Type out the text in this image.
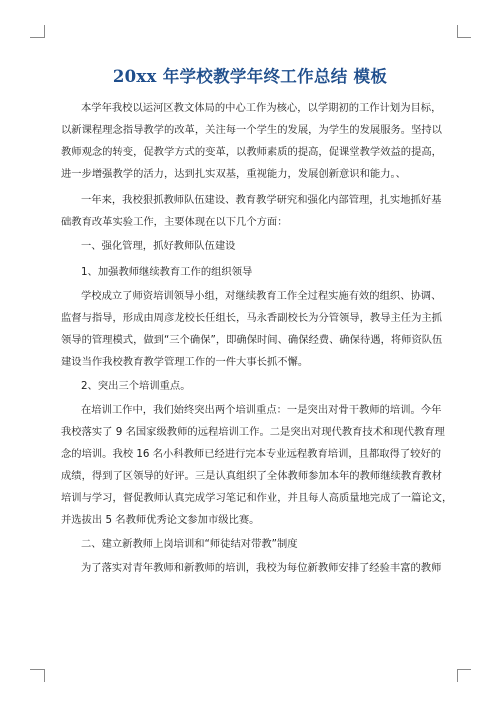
20xx 年学校教学年终工作总结 模板
本学年我校以运河区教文体局的中心工作为核心，以学期初的工作计划为目标，
以新课程理念指导教学的改革，关注每一个学生的发展，为学生的发展服务。坚持以
教师观念的转变，促教学方式的变革，以教师素质的提高，促课堂教学效益的提高，
进一步增强教学的活力，达到扎实双基，重视能力，发展创新意识和能力。、
一年来，我校狠抓教师队伍建设、教育教学研究和强化内部管理，扎实地抓好基
础教育改革实验工作，主要体现在以下几个方面：
一、强化管理，抓好教师队伍建设
1、加强教师继续教育工作的组织领导
学校成立了师资培训领导小组，对继续教育工作全过程实施有效的组织、协调、
监督与指导，形成由周彦龙校长任组长，马永香副校长为分管领导，教导主任为主抓
领导的管理模式，做到“三个确保”，即确保时间、确保经费、确保待遇，将师资队伍
建设当作我校教育教学管理工作的一件大事长抓不懈。
2、突出三个培训重点。
在培训工作中，我们始终突出两个培训重点：一是突出对骨干教师的培训。今年
我校落实了 9 名国家级教师的远程培训工作。二是突出对现代教育技术和现代教育理
念的培训。我校 16 名小科教师已经进行完本专业远程教育培训，且都取得了较好的
成绩，得到了区领导的好评。三是认真组织了全体教师参加本年的教师继续教育教材
培训与学习，督促教师认真完成学习笔记和作业，并且每人高质量地完成了一篇论文，
并选拔出 5 名教师优秀论文参加市级比赛。
二、建立新教师上岗培训和“师徒结对带教”制度
为了落实对青年教师和新教师的培训，我校为每位新教师安排了经验丰富的教师
